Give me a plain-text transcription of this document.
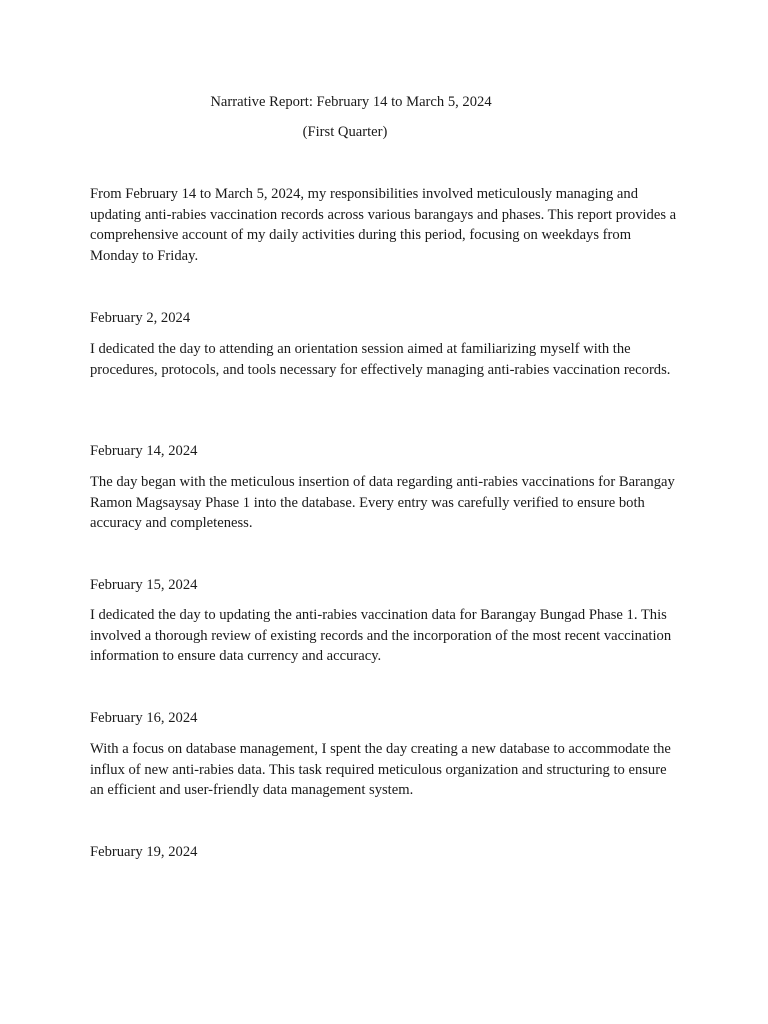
Narrative Report: February 14 to March 5, 2024

(First Quarter)

From February 14 to March 5, 2024, my responsibilities involved meticulously managing and updating anti-rabies vaccination records across various barangays and phases. This report provides a comprehensive account of my daily activities during this period, focusing on weekdays from Monday to Friday.

February 2, 2024

I dedicated the day to attending an orientation session aimed at familiarizing myself with the procedures, protocols, and tools necessary for effectively managing anti-rabies vaccination records.

February 14, 2024

The day began with the meticulous insertion of data regarding anti-rabies vaccinations for Barangay Ramon Magsaysay Phase 1 into the database. Every entry was carefully verified to ensure both accuracy and completeness.

February 15, 2024

I dedicated the day to updating the anti-rabies vaccination data for Barangay Bungad Phase 1. This involved a thorough review of existing records and the incorporation of the most recent vaccination information to ensure data currency and accuracy.

February 16, 2024

With a focus on database management, I spent the day creating a new database to accommodate the influx of new anti-rabies data. This task required meticulous organization and structuring to ensure an efficient and user-friendly data management system.

February 19, 2024
